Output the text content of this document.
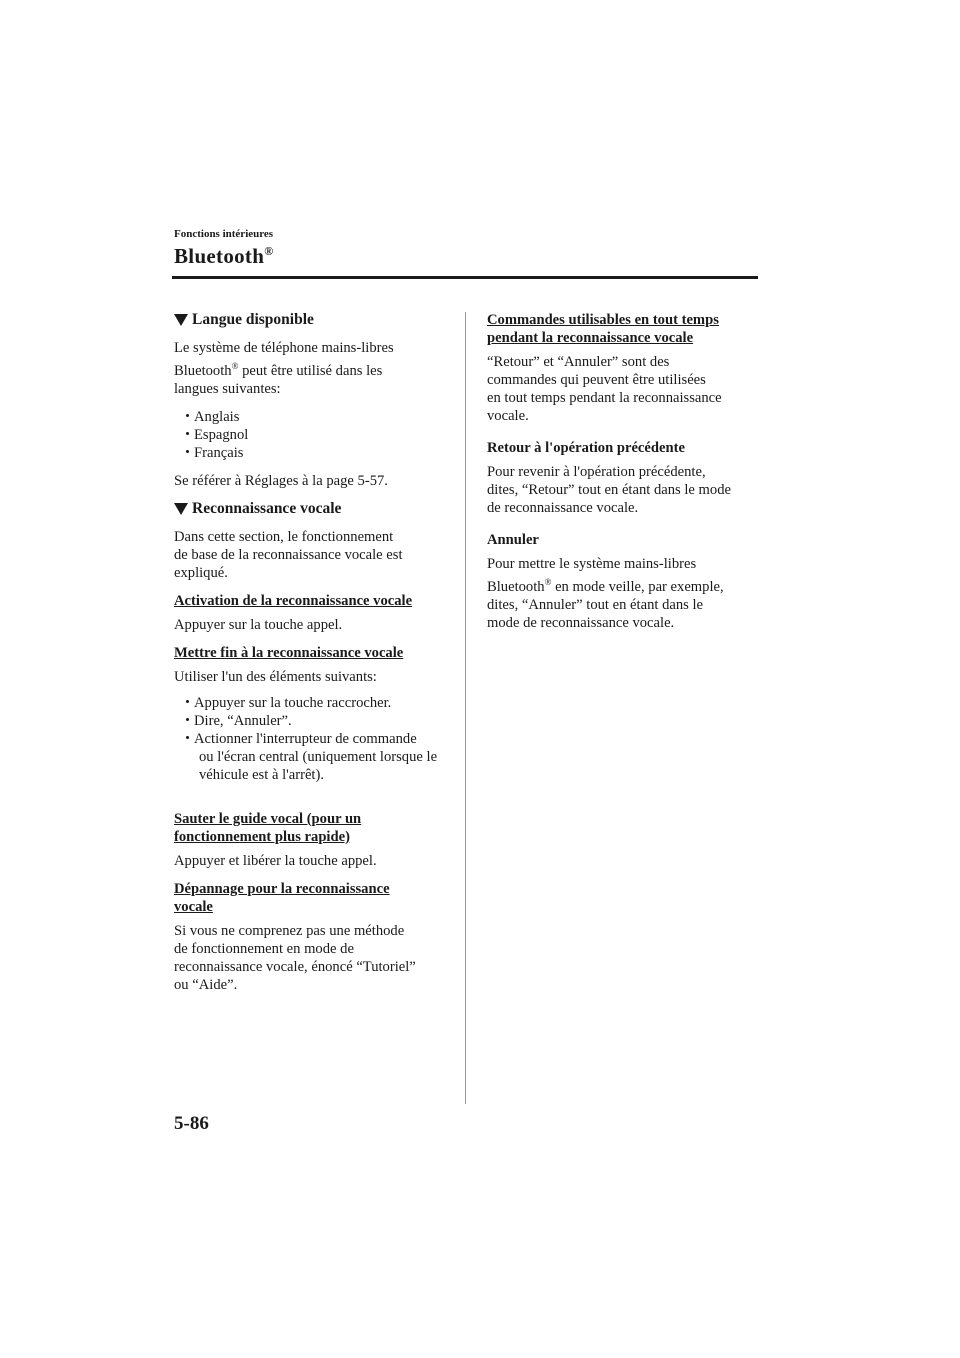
Fonctions intérieures
Bluetooth®
Langue disponible

Le système de téléphone mains-libres
Bluetooth® peut être utilisé dans les
langues suivantes:

Anglais
Espagnol
Français

Se référer à Réglages à la page 5-57.

Reconnaissance vocale

Dans cette section, le fonctionnement
de base de la reconnaissance vocale est
expliqué.

Activation de la reconnaissance vocale

Appuyer sur la touche appel.

Mettre fin à la reconnaissance vocale

Utiliser l'un des éléments suivants:

Appuyer sur la touche raccrocher.
Dire, “Annuler”.
Actionner l'interrupteur de commande
ou l'écran central (uniquement lorsque le
véhicule est à l'arrêt).
Sauter le guide vocal (pour un
fonctionnement plus rapide)

Appuyer et libérer la touche appel.

Dépannage pour la reconnaissance
vocale

Si vous ne comprenez pas une méthode
de fonctionnement en mode de
reconnaissance vocale, énoncé “Tutoriel”
ou “Aide”.

Commandes utilisables en tout temps
pendant la reconnaissance vocale

“Retour” et “Annuler” sont des
commandes qui peuvent être utilisées
en tout temps pendant la reconnaissance
vocale.

Retour à l'opération précédente

Pour revenir à l'opération précédente,
dites, “Retour” tout en étant dans le mode
de reconnaissance vocale.

Annuler

Pour mettre le système mains-libres
Bluetooth® en mode veille, par exemple,
dites, “Annuler” tout en étant dans le
mode de reconnaissance vocale.

5-86
